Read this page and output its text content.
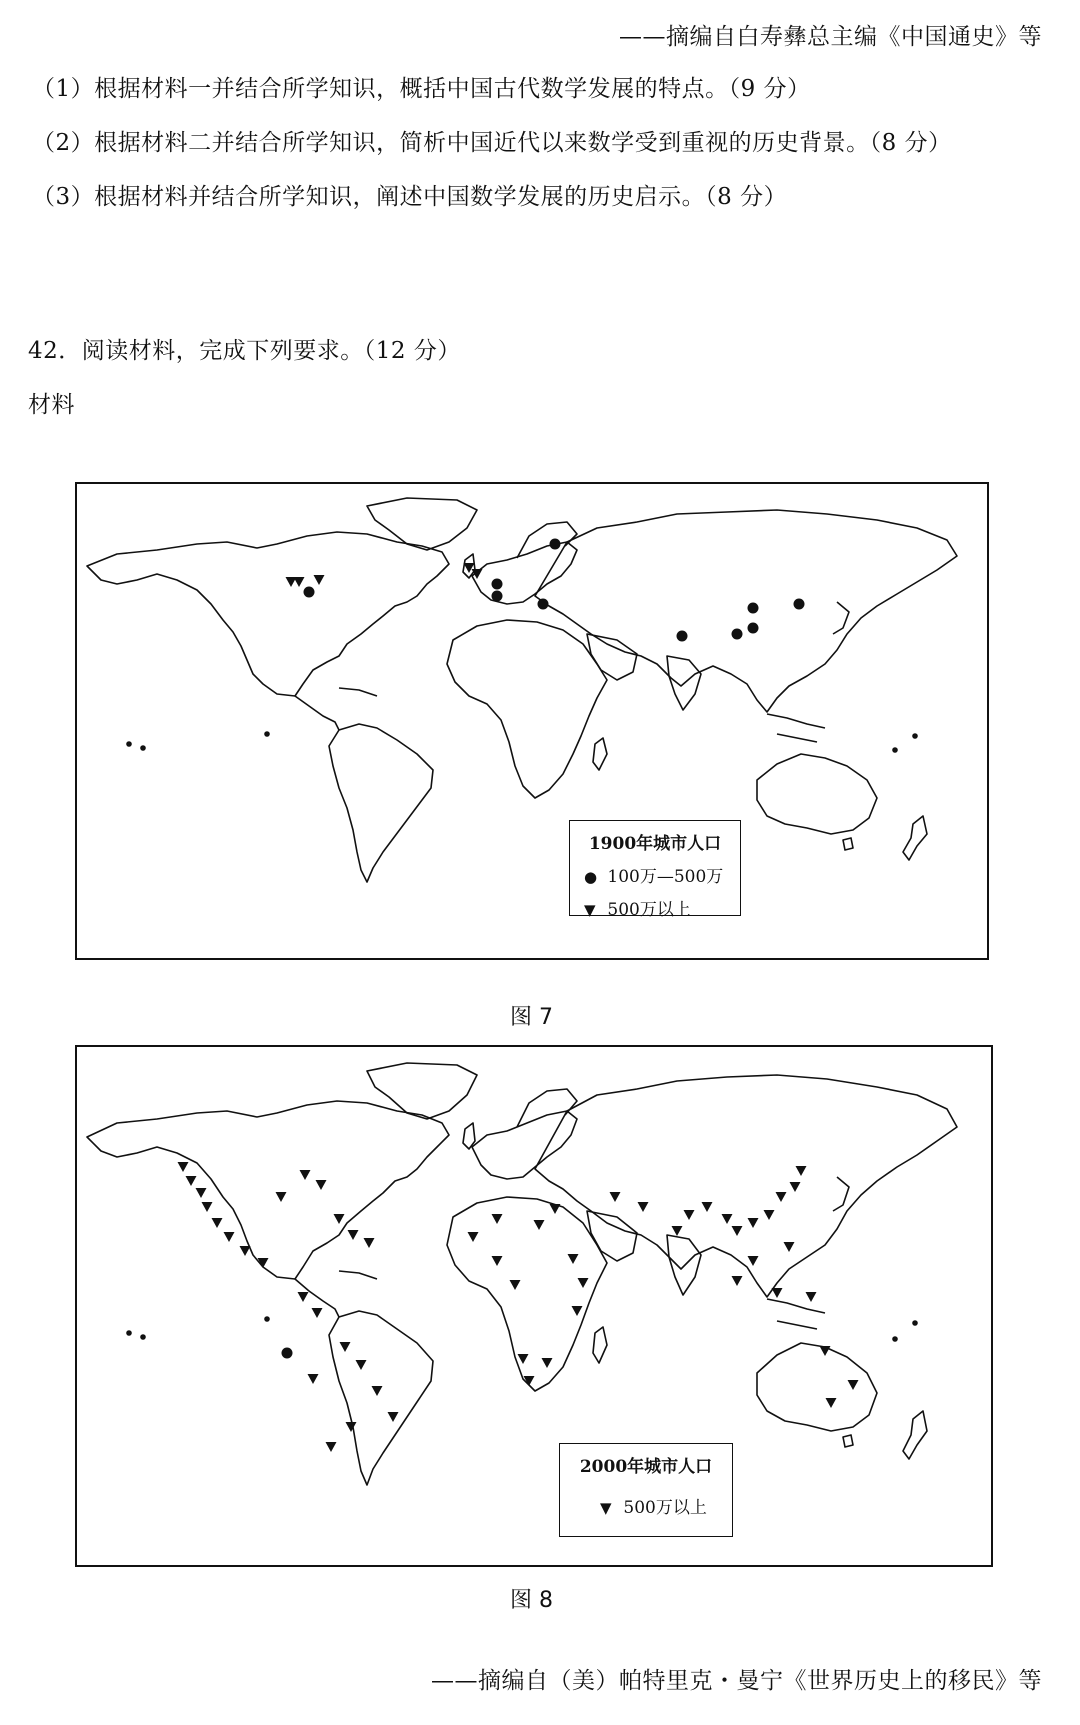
——摘编自白寿彝总主编《中国通史》等
（1）根据材料一并结合所学知识，概括中国古代数学发展的特点。（9 分）
（2）根据材料二并结合所学知识，简析中国近代以来数学受到重视的历史背景。（8 分）
（3）根据材料并结合所学知识，阐述中国数学发展的历史启示。（8 分）
42．阅读材料，完成下列要求。（12 分）
材料
1900年城市人口
● 100万—500万
▼ 500万以上
图 7
2000年城市人口
▼ 500万以上
图 8
——摘编自（美）帕特里克・曼宁《世界历史上的移民》等
